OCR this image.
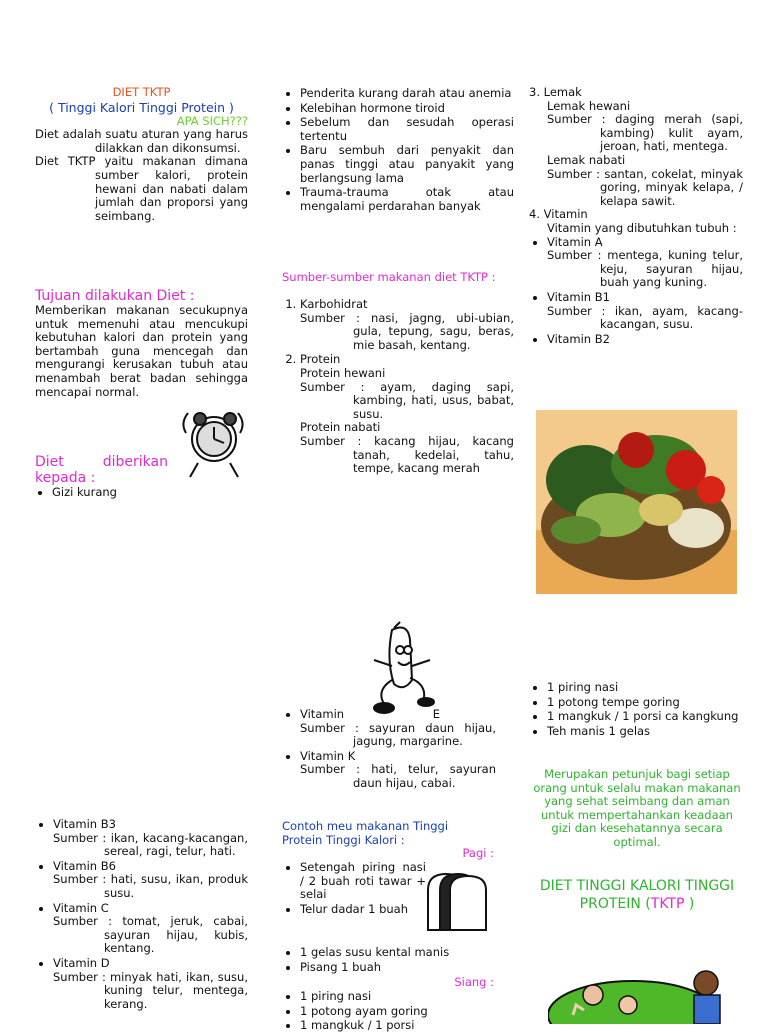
DIET TKTP
( Tinggi Kalori Tinggi Protein )
APA SICH???
Diet adalah suatu aturan yang harus dilakkan dan dikonsumsi.
Diet TKTP yaitu makanan dimana sumber kalori, protein hewani dan nabati dalam jumlah dan proporsi yang seimbang.
Tujuan dilakukan Diet :
Memberikan makanan secukupnya untuk memenuhi atau mencukupi kebutuhan kalori dan protein yang bertambah guna mencegah dan mengurangi kerusakan tubuh atau menambah berat badan sehingga mencapai normal.
Diet diberikan kepada :
• Gizi kurang
• Penderita kurang darah atau anemia
• Kelebihan hormone tiroid
• Sebelum dan sesudah operasi tertentu
• Baru sembuh dari penyakit dan panas tinggi atau panyakit yang berlangsung lama
• Trauma-trauma otak atau mengalami perdarahan banyak
Sumber-sumber makanan diet TKTP :
1. Karbohidrat
Sumber : nasi, jagng, ubi-ubian, gula, tepung, sagu, beras, mie basah, kentang.
2. Protein
Protein hewani
Sumber : ayam, daging sapi, kambing, hati, usus, babat, susu.
Protein nabati
Sumber : kacang hijau, kacang tanah, kedelai, tahu, tempe, kacang merah
3. Lemak
Lemak hewani
Sumber : daging merah (sapi, kambing) kulit ayam, jeroan, hati, mentega.
Lemak nabati
Sumber : santan, cokelat, minyak goring, minyak kelapa, / kelapa sawit.
4. Vitamin
Vitamin yang dibutuhkan tubuh :
• Vitamin A
Sumber : mentega, kuning telur, keju, sayuran hijau, buah yang kuning.
• Vitamin B1
Sumber : ikan, ayam, kacang-kacangan, susu.
• Vitamin B2
• Vitamin B3
Sumber : ikan, kacang-kacangan, sereal, ragi, telur, hati.
• Vitamin B6
Sumber : hati, susu, ikan, produk susu.
• Vitamin C
Sumber : tomat, jeruk, cabai, sayuran hijau, kubis, kentang.
• Vitamin D
Sumber : minyak hati, ikan, susu, kuning telur, mentega, kerang.
• Vitamin	E
Sumber : sayuran daun hijau, jagung, margarine.
• Vitamin K
Sumber : hati, telur, sayuran daun hijau, cabai.
Contoh meu makanan Tinggi Protein Tinggi Kalori :
Pagi :
• Setengah piring nasi / 2 buah roti tawar + selai
• Telur dadar 1 buah
• 1 gelas susu kental manis
• Pisang 1 buah
Siang :
• 1 piring nasi
• 1 potong ayam goring
• 1 mangkuk / 1 porsi
• 1 piring nasi
• 1 potong tempe goring
• 1 mangkuk / 1 porsi ca kangkung
• Teh manis 1 gelas
Merupakan petunjuk bagi setiap orang untuk selalu makan makanan yang sehat seimbang dan aman untuk mempertahankan keadaan gizi dan kesehatannya secara optimal.
DIET TINGGI KALORI TINGGI PROTEIN (TKTP )
